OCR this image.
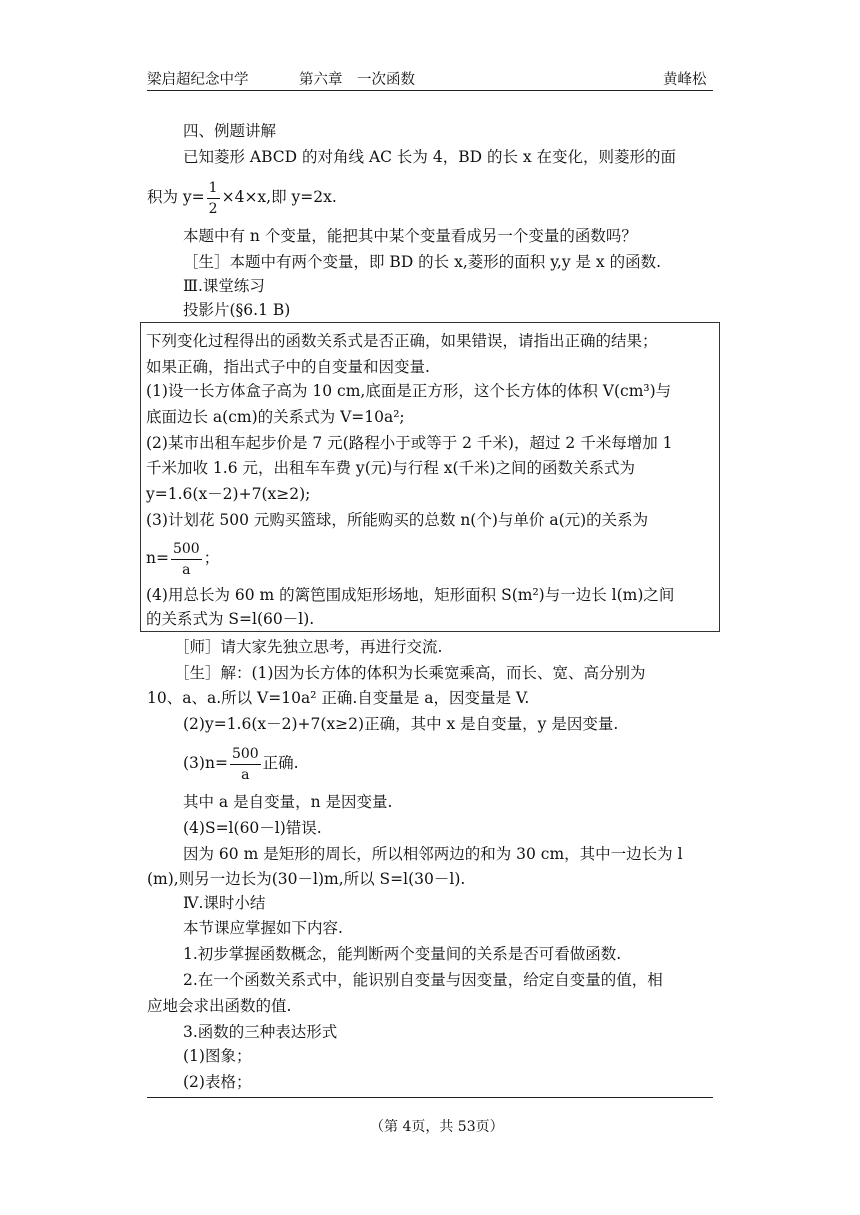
梁启超纪念中学	第六章　一次函数	黄峰松
四、例题讲解
已知菱形 ABCD 的对角线 AC 长为 4，BD 的长 x 在变化，则菱形的面
积为 $y= \frac{1}{2} \times 4\times x$,即 y=2x.
本题中有 n 个变量，能把其中某个变量看成另一个变量的函数吗？
［生］本题中有两个变量，即 BD 的长 x,菱形的面积 y,y 是 x 的函数.
Ⅲ.课堂练习
投影片(§6.1 B)
下列变化过程得出的函数关系式是否正确，如果错误，请指出正确的结果；
如果正确，指出式子中的自变量和因变量.
(1)设一长方体盒子高为 10 cm,底面是正方形，这个长方体的体积 V(cm³)与
底面边长 a(cm)的关系式为 V=10a²;
(2)某市出租车起步价是 7 元(路程小于或等于 2 千米)，超过 2 千米每增加 1
千米加收 1.6 元，出租车车费 y(元)与行程 x(千米)之间的函数关系式为
y=1.6(x－2)+7(x≥2);
(3)计划花 500 元购买篮球，所能购买的总数 n(个)与单价 a(元)的关系为
$n= \frac{500}{a}$ ；
(4)用总长为 60 m 的篱笆围成矩形场地，矩形面积 S(m²)与一边长 l(m)之间
的关系式为 S=l(60－l).
［师］请大家先独立思考，再进行交流.
［生］解：(1)因为长方体的体积为长乘宽乘高，而长、宽、高分别为
10、a、a.所以 V=10a² 正确.自变量是 a，因变量是 V.
(2)y=1.6(x－2)+7(x≥2)正确，其中 x 是自变量，y 是因变量.
$(3)n= \frac{500}{a}$ 正确.
其中 a 是自变量，n 是因变量.
(4)S=l(60－l)错误.
因为 60 m 是矩形的周长，所以相邻两边的和为 30 cm，其中一边长为 l
(m),则另一边长为(30－l)m,所以 S=l(30－l).
Ⅳ.课时小结
本节课应掌握如下内容.
1.初步掌握函数概念，能判断两个变量间的关系是否可看做函数.
2.在一个函数关系式中，能识别自变量与因变量，给定自变量的值，相
应地会求出函数的值.
3.函数的三种表达形式
(1)图象；
(2)表格；
（第 4页，共 53页）
